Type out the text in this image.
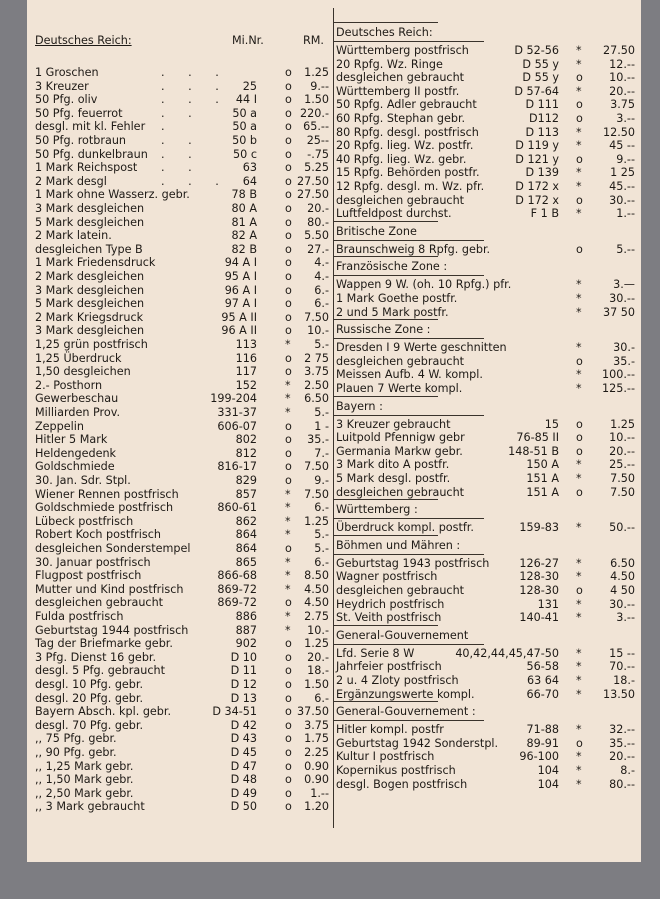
Deutsches Reich:	Mi.Nr.	RM.
1 Groschen	. . .	o 1.25
3 Kreuzer	. . . 25	o 9.--
50 Pfg. oliv	. . . 44 I	o 1.50
50 Pfg. feuerrot	. .	50 a	o 220.-
desgl. mit kl. Fehler .	50 a	o 65.--
50 Pfg. rotbraun	. .	50 b	o 25--
50 Pfg. dunkelbraun . .	50 c	o -.75
1 Mark Reichspost . .	63	o 5.25
2 Mark desgl	. . . 64	o 27.50
1 Mark ohne Wasserz. gebr.	78 B	o 27.50
3 Mark desgleichen	80 A	o 20.-
5 Mark desgleichen	81 A	o 80.-
2 Mark latein.	82 A	o 5.50
desgleichen Type B	82 B	o 27.-
1 Mark Friedensdruck	94 A I	o 4.-
2 Mark desgleichen	95 A I	o 4.-
3 Mark desgleichen	96 A I	o 6.-
5 Mark desgleichen	97 A I	o 6.-
2 Mark Kriegsdruck	95 A II	o 7.50
3 Mark desgleichen	96 A II	o 10.-
1,25 grün postfrisch	113	* 5.-
1,25 Überdruck	116	o 2 75
1,50 desgleichen	117	o 3.75
2.- Posthorn	152	* 2.50
Gewerbeschau	199-204	* 6.50
Milliarden Prov.	331-37	* 5.-
Zeppelin	606-07	o 1 -
Hitler 5 Mark	802	o 35.-
Heldengedenk	812	o 7.-
Goldschmiede	816-17	o 7.50
30. Jan. Sdr. Stpl.	829	o 9.-
Wiener Rennen postfrisch	857	* 7.50
Goldschmiede postfrisch	860-61	* 6.-
Lübeck postfrisch	862	* 1.25
Robert Koch postfrisch	864	* 5.-
desgleichen Sonderstempel	864	o 5.-
30. Januar postfrisch	865	* 6.-
Flugpost postfrisch	866-68	* 8.50
Mutter und Kind postfrisch	869-72	* 4.50
desgleichen gebraucht	869-72	o 4.50
Fulda postfrisch	886	* 2.75
Geburtstag 1944 postfrisch	887	* 10.-
Tag der Briefmarke gebr.	902	o 1.25
3 Pfg. Dienst 16 gebr.	D 10	o 20.-
desgl. 5 Pfg. gebraucht	D 11	o 18.-
desgl. 10 Pfg. gebr.	D 12	o 1.50
desgl. 20 Pfg. gebr.	D 13	o 6.-
Bayern Absch. kpl. gebr.	D 34-51	o 37.50
desgl. 70 Pfg. gebr.	D 42	o 3.75
,, 75 Pfg. gebr.	D 43	o 1.75
,, 90 Pfg. gebr.	D 45	o 2.25
,, 1,25 Mark gebr.	D 47	o 0.90
,, 1,50 Mark gebr.	D 48	o 0.90
,, 2,50 Mark gebr.	D 49	o 1.--
,, 3 Mark gebraucht	D 50	o 1.20
Deutsches Reich:
Württemberg postfrisch	D 52-56 * 27.50
20 Rpfg. Wz. Ringe	D 55 y * 12.--
desgleichen gebraucht	D 55 y o 10.--
Württemberg II postfr.	D 57-64 * 20.--
50 Rpfg. Adler gebraucht	D 111 o 3.75
60 Rpfg. Stephan gebr.	D112 o	3.--
80 Rpfg. desgl. postfrisch	D 113 * 12.50
20 Rpfg. lieg. Wz. postfr.	D 119 y * 45 --
40 Rpfg. lieg. Wz. gebr.	D 121 y o	9.--
15 Rpfg. Behörden postfr.	D 139 *	1 25
12 Rpfg. desgl. m. Wz. pfr.	D 172 x * 45.--
desgleichen gebraucht	D 172 x o 30.--
Luftfeldpost durchst.	F 1 B *	1.--
Britische Zone
Braunschweig 8 Rpfg. gebr.	o	5.--
Französische Zone :
Wappen 9 W. (oh. 10 Rpfg.) pfr.	*	3.—
1 Mark Goethe postfr.	* 30.--
2 und 5 Mark postfr.	* 37 50
Russische Zone :
Dresden I 9 Werte geschnitten	*	30.-
desgleichen gebraucht	o	35.-
Meissen Aufb. 4 W. kompl.	* 100.--
Plauen 7 Werte kompl.	* 125.--
Bayern :
3 Kreuzer gebraucht	15 o 1.25
Luitpold Pfennigw gebr	76-85 II o 10.--
Germania Markw gebr.	148-51 B o 20.--
3 Mark dito A postfr.	150 A * 25.--
5 Mark desgl. postfr.	151 A *	7.50
desgleichen gebraucht	151 A o 7.50
Württemberg :
Überdruck kompl. postfr.	159-83 * 50.--
Böhmen und Mähren :
Geburtstag 1943 postfrisch	126-27 *	6.50
Wagner postfrisch	128-30 *	4.50
desgleichen gebraucht	128-30 o 4 50
Heydrich postfrisch	131 * 30.--
St. Veith postfrisch	140-41 *	3.--
General-Gouvernement
Lfd. Serie 8 W	40,42,44,45,47-50 * 15 --
Jahrfeier postfrisch	56-58 * 70.--
2 u. 4 Zloty postfrisch	63 64 *	18.-
Ergänzungswerte kompl.	66-70 * 13.50
General-Gouvernement :
Hitler kompl. postfr	71-88 * 32.--
Geburtstag 1942 Sonderstpl.	89-91 o 35.--
Kultur I postfrisch	96-100 * 20.--
Kopernikus postfrisch	104 *	8.-
desgl. Bogen postfrisch	104 * 80.--
